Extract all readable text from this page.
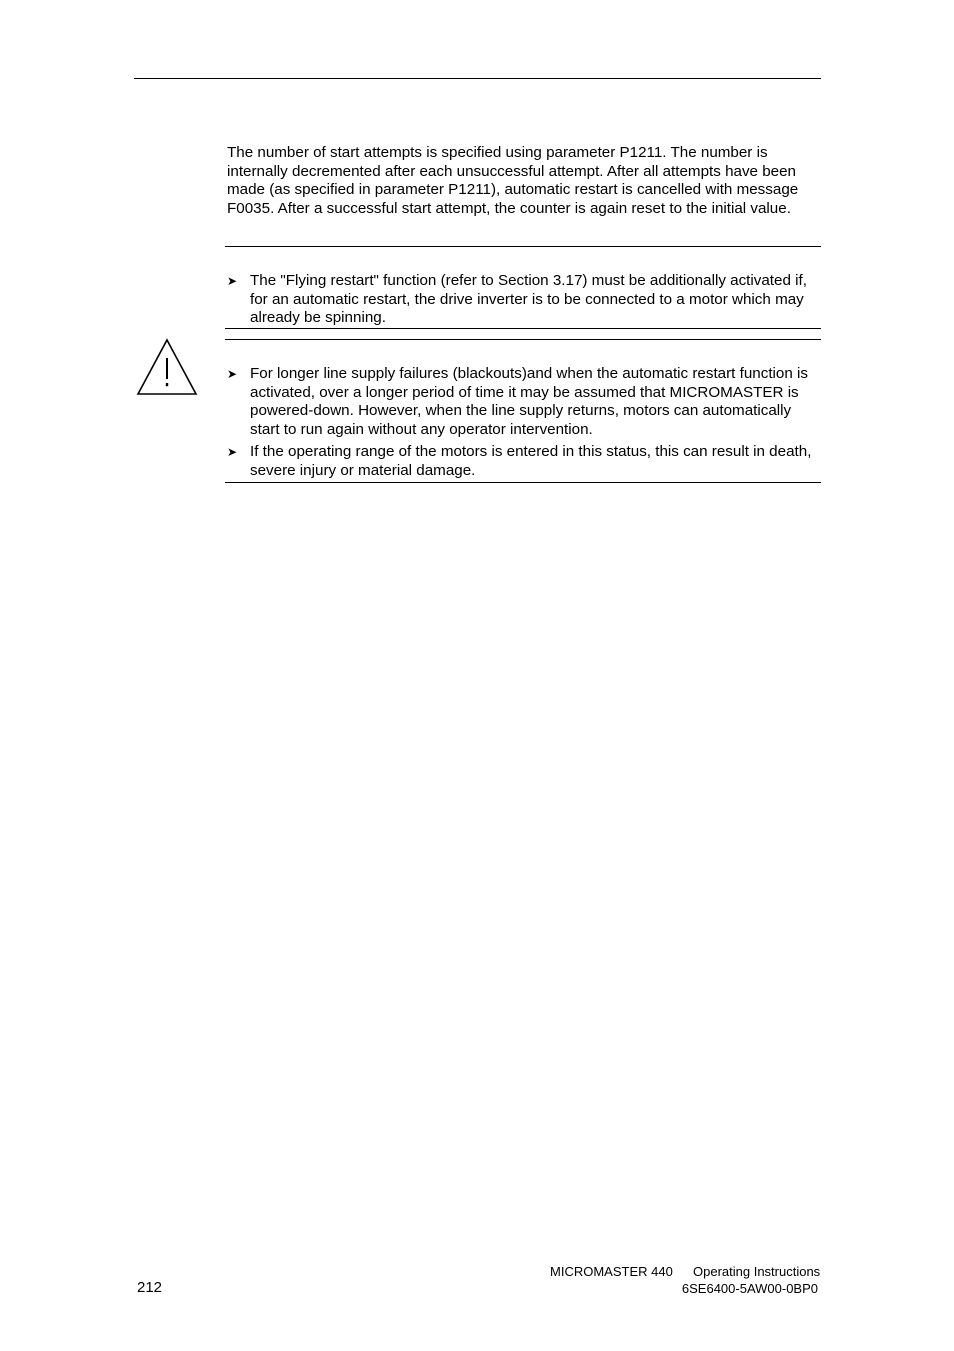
The number of start attempts is specified using parameter P1211. The number is internally decremented after each unsuccessful attempt. After all attempts have been made (as specified in parameter P1211), automatic restart is cancelled with message F0035. After a successful start attempt, the counter is again reset to the initial value.

➤ The "Flying restart" function (refer to Section 3.17) must be additionally activated if, for an automatic restart, the drive inverter is to be connected to a motor which may already be spinning.
➤ For longer line supply failures (blackouts)and when the automatic restart function is activated, over a longer period of time it may be assumed that MICROMASTER is powered-down. However, when the line supply returns, motors can automatically start to run again without any operator intervention.
➤ If the operating range of the motors is entered in this status, this can result in death, severe injury or material damage.
212
MICROMASTER 440 Operating Instructions
6SE6400-5AW00-0BP0
